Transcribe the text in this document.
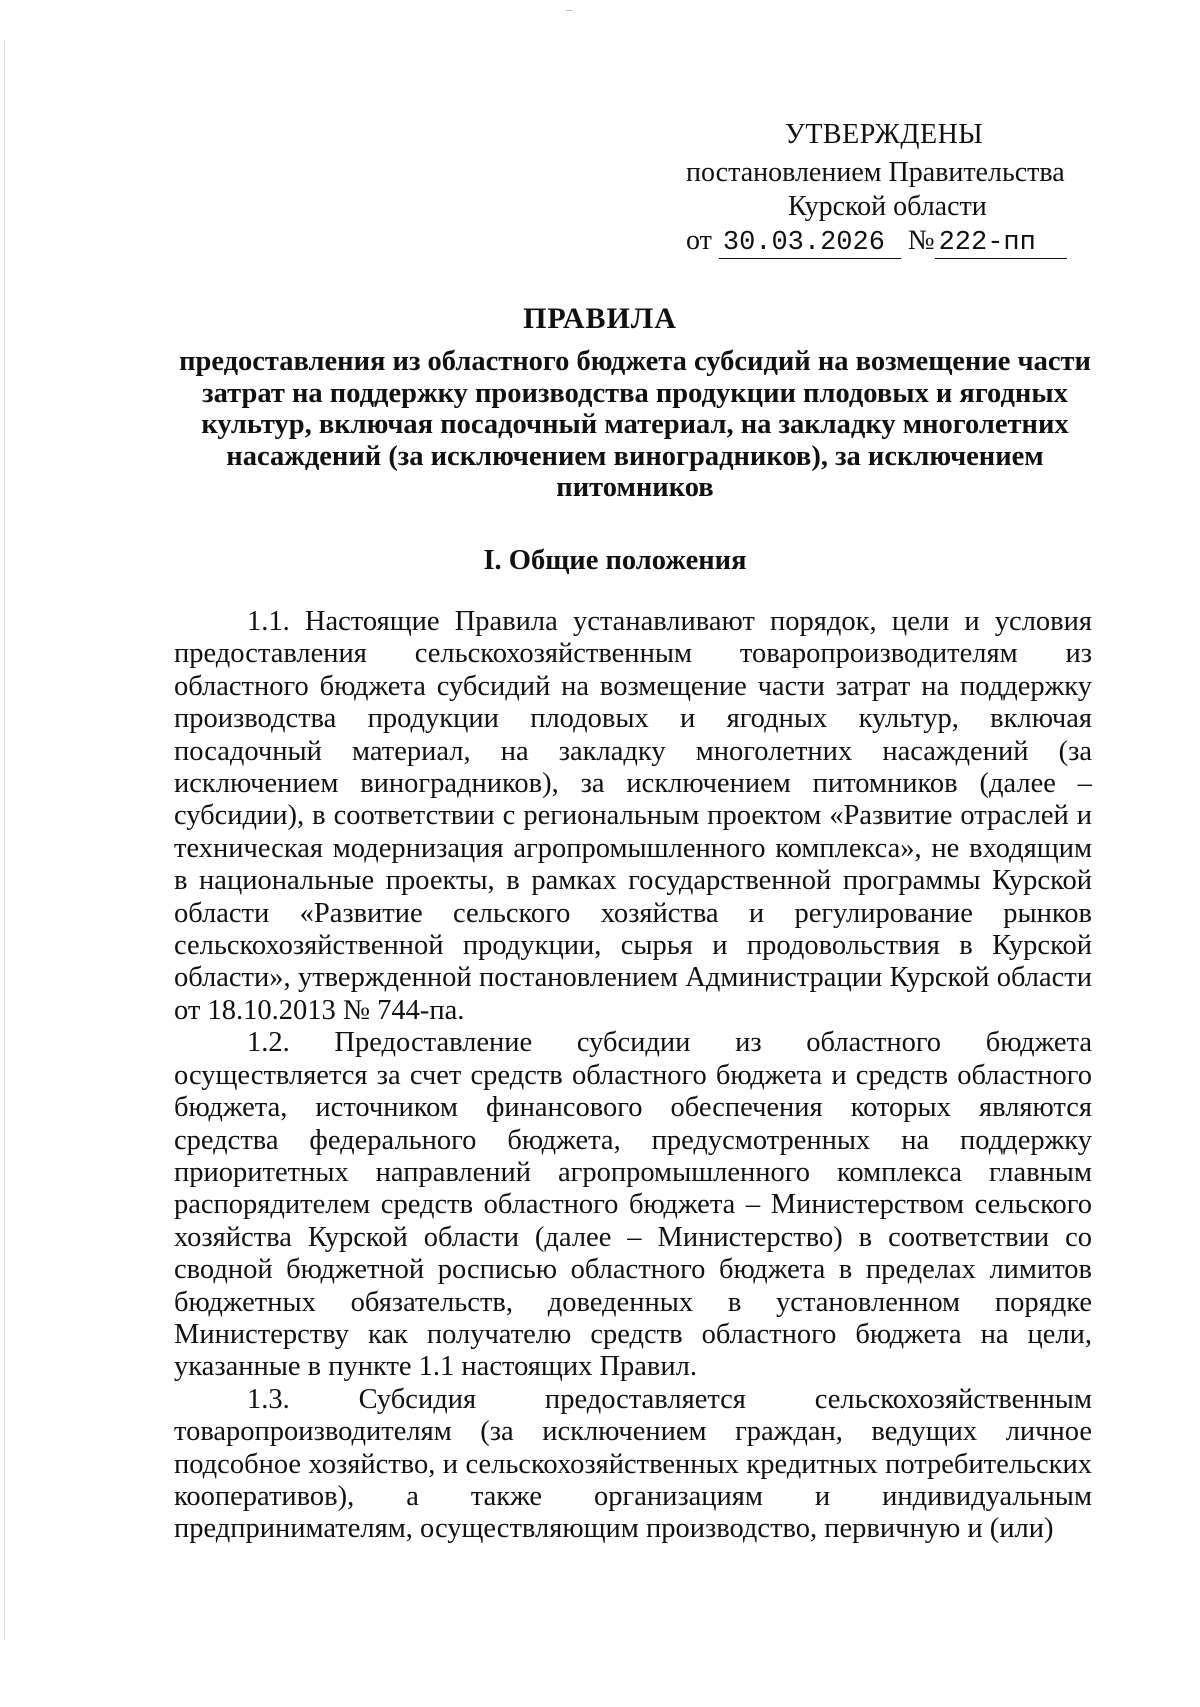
УТВЕРЖДЕНЫ
постановлением Правительства
Курской области
от 30.03.2026 № 222-пп
ПРАВИЛА
предоставления из областного бюджета субсидий на возмещение части затрат на поддержку производства продукции плодовых и ягодных культур, включая посадочный материал, на закладку многолетних насаждений (за исключением виноградников), за исключением питомников
I. Общие положения

1.1. Настоящие Правила устанавливают порядок, цели и условия предоставления сельскохозяйственным товаропроизводителям из областного бюджета субсидий на возмещение части затрат на поддержку производства продукции плодовых и ягодных культур, включая посадочный материал, на закладку многолетних насаждений (за исключением виноградников), за исключением питомников (далее – субсидии), в соответствии с региональным проектом «Развитие отраслей и техническая модернизация агропромышленного комплекса», не входящим в национальные проекты, в рамках государственной программы Курской области «Развитие сельского хозяйства и регулирование рынков сельскохозяйственной продукции, сырья и продовольствия в Курской области», утвержденной постановлением Администрации Курской области от 18.10.2013 № 744-па.

1.2. Предоставление субсидии из областного бюджета осуществляется за счет средств областного бюджета и средств областного бюджета, источником финансового обеспечения которых являются средства федерального бюджета, предусмотренных на поддержку приоритетных направлений агропромышленного комплекса главным распорядителем средств областного бюджета – Министерством сельского хозяйства Курской области (далее – Министерство) в соответствии со сводной бюджетной росписью областного бюджета в пределах лимитов бюджетных обязательств, доведенных в установленном порядке Министерству как получателю средств областного бюджета на цели, указанные в пункте 1.1 настоящих Правил.

1.3. Субсидия предоставляется сельскохозяйственным товаропроизводителям (за исключением граждан, ведущих личное подсобное хозяйство, и сельскохозяйственных кредитных потребительских кооперативов), а также организациям и индивидуальным предпринимателям, осуществляющим производство, первичную и (или)
